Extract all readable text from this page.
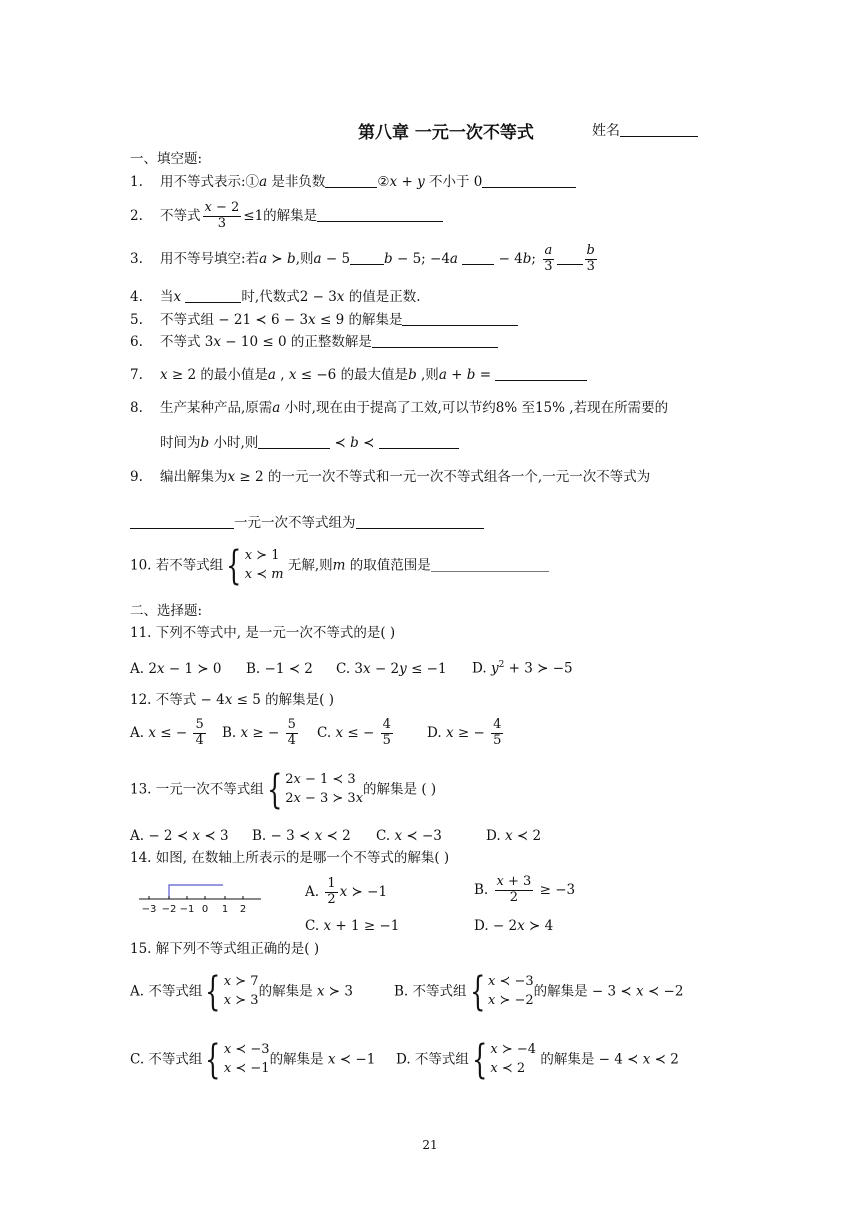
第八章 一元一次不等式	姓名
一、填空题:
1. 用不等式表示:①a 是非负数	②x + y 不小于 0
2. 不等式 $\frac{x - 2}{3} \le 1$的解集是
3. 用不等号填空:若a ≻ b,则a − 5	b − 5; −4a	− 4b; $\frac{a}{3} \frac{b}{3}$
4. 当x	时,代数式2 − 3x 的值是正数.
5. 不等式组 − 21 ≺ 6 − 3x ≤ 9 的解集是
6. 不等式 3x − 10 ≤ 0 的正整数解是
7. x ≥ 2 的最小值是a , x ≤ −6 的最大值是b ,则a + b =
8. 生产某种产品,原需a 小时,现在由于提高了工效,可以节约8% 至15% ,若现在所需要的
时间为b 小时,则	≺ b ≺
9. 编出解集为x ≥ 2 的一元一次不等式和一元一次不等式组各一个,一元一次不等式为
一元一次不等式组为
10. 若不等式组 { x ≻ 1
x ≺ m
无解,则m 的取值范围是
二、选择题:
11. 下列不等式中, 是一元一次不等式的是( )
A. 2x − 1 ≻ 0 B. −1 ≺ 2 C. 3x − 2y ≤ −1 D. $y^2 + 3$ ≻ −5
12. 不等式 − 4x ≤ 5 的解集是( )
A. x ≤ − $\frac{5}{4} B$. x ≥ − $\frac{5}{4} C$. x ≤ − $\frac{4}{5}$	D. x ≥ − $\frac{4}{5}$
13. 一元一次不等式组 { 2x − 1 ≺ 3
2x − 3 ≻ 3x
的解集是 ( )
A. − 2 ≺ x ≺ 3 B. − 3 ≺ x ≺ 2 C. x ≺ −3	D. x ≺ 2
14. 如图, 在数轴上所表示的是哪一个不等式的解集( )
−3 −2 −1 0 1 2
A. $\frac{1}{2}$ x ≻ −1	B. $\frac{x + 3}{2} \ge -3$
C. x + 1 ≥ −1	D. − 2x ≻ 4
15. 解下列不等式组正确的是( )
A. 不等式组 { x ≻ 7
x ≻ 3
的解集是 x ≻ 3	B. 不等式组 { x ≺ −3
x ≻ −2
的解集是 − 3 ≺ x ≺ −2
C. 不等式组 { x ≺ −3
x ≺ −1
的解集是 x ≺ −1 D. 不等式组 { x ≻ −4
x ≺ 2
的解集是 − 4 ≺ x ≺ 2
21
